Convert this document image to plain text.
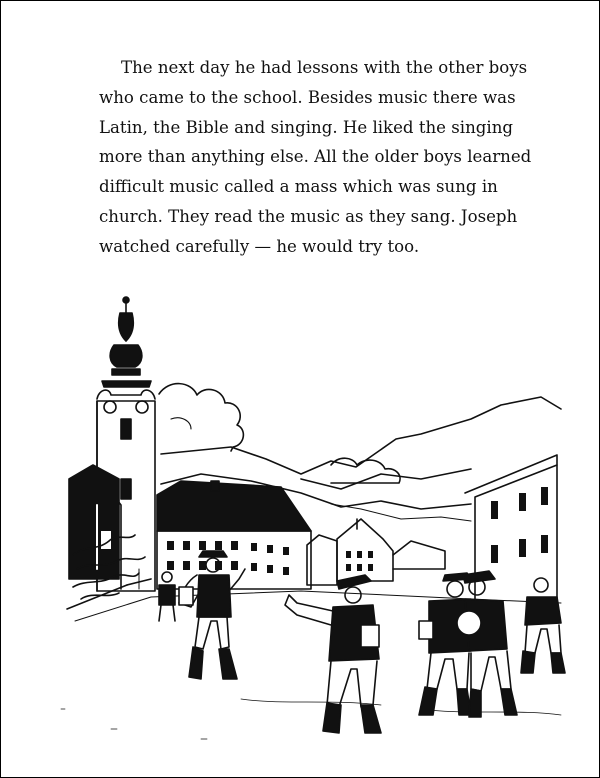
The next day he had lessons with the other boys
who came to the school. Besides music there was
Latin, the Bible and singing. He liked the singing
more than anything else. All the older boys learned
difficult music called a mass which was sung in
church. They read the music as they sang. Joseph
watched carefully — he would try too.
